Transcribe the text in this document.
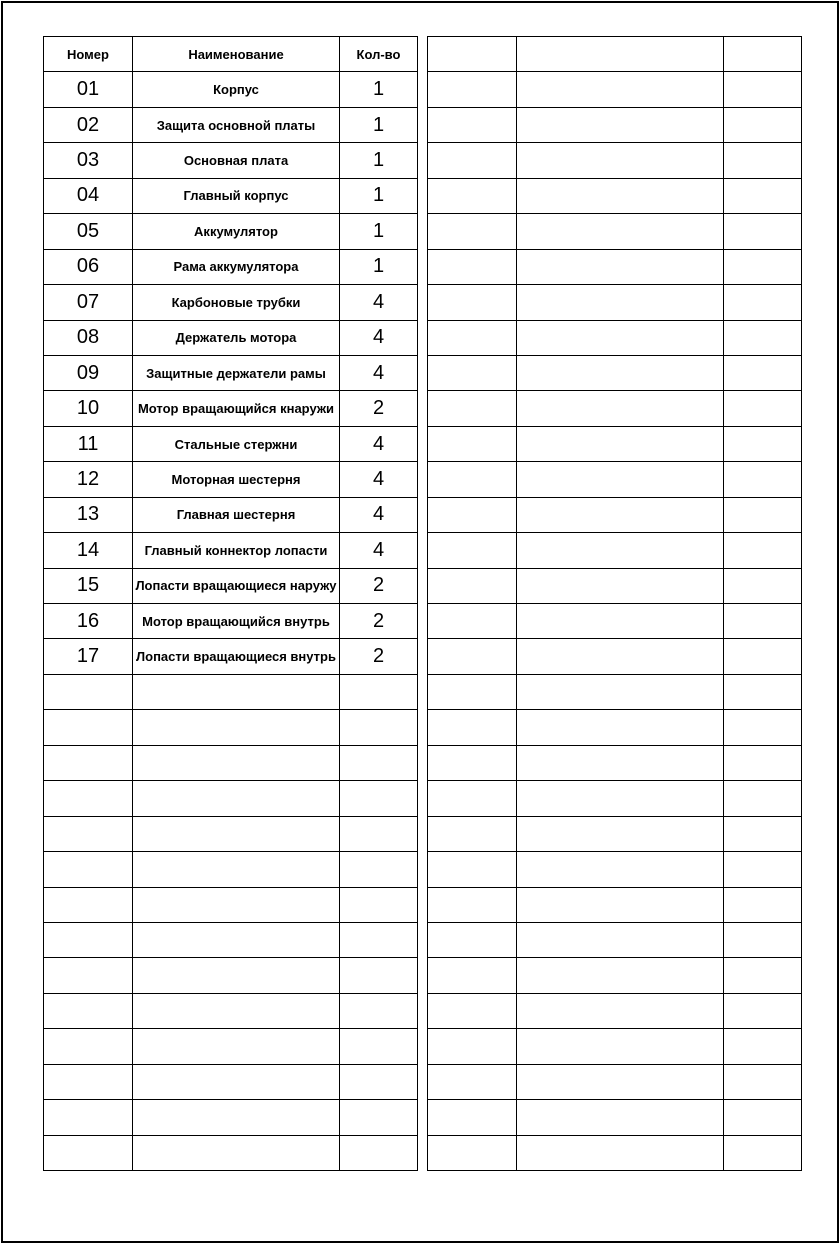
Номер	Наименование	Кол-во
01	Корпус	1
02	Защита основной платы	1
03	Основная плата	1
04	Главный корпус	1
05	Аккумулятор	1
06	Рама аккумулятора	1
07	Карбоновые трубки	4
08	Держатель мотора	4
09	Защитные держатели рамы	4
10	Мотор вращающийся кнаружи	2
11	Стальные стержни	4
12	Моторная шестерня	4
13	Главная шестерня	4
14	Главный коннектор лопасти	4
15	Лопасти вращающиеся наружу	2
16	Мотор вращающийся внутрь	2
17	Лопасти вращающиеся внутрь	2
